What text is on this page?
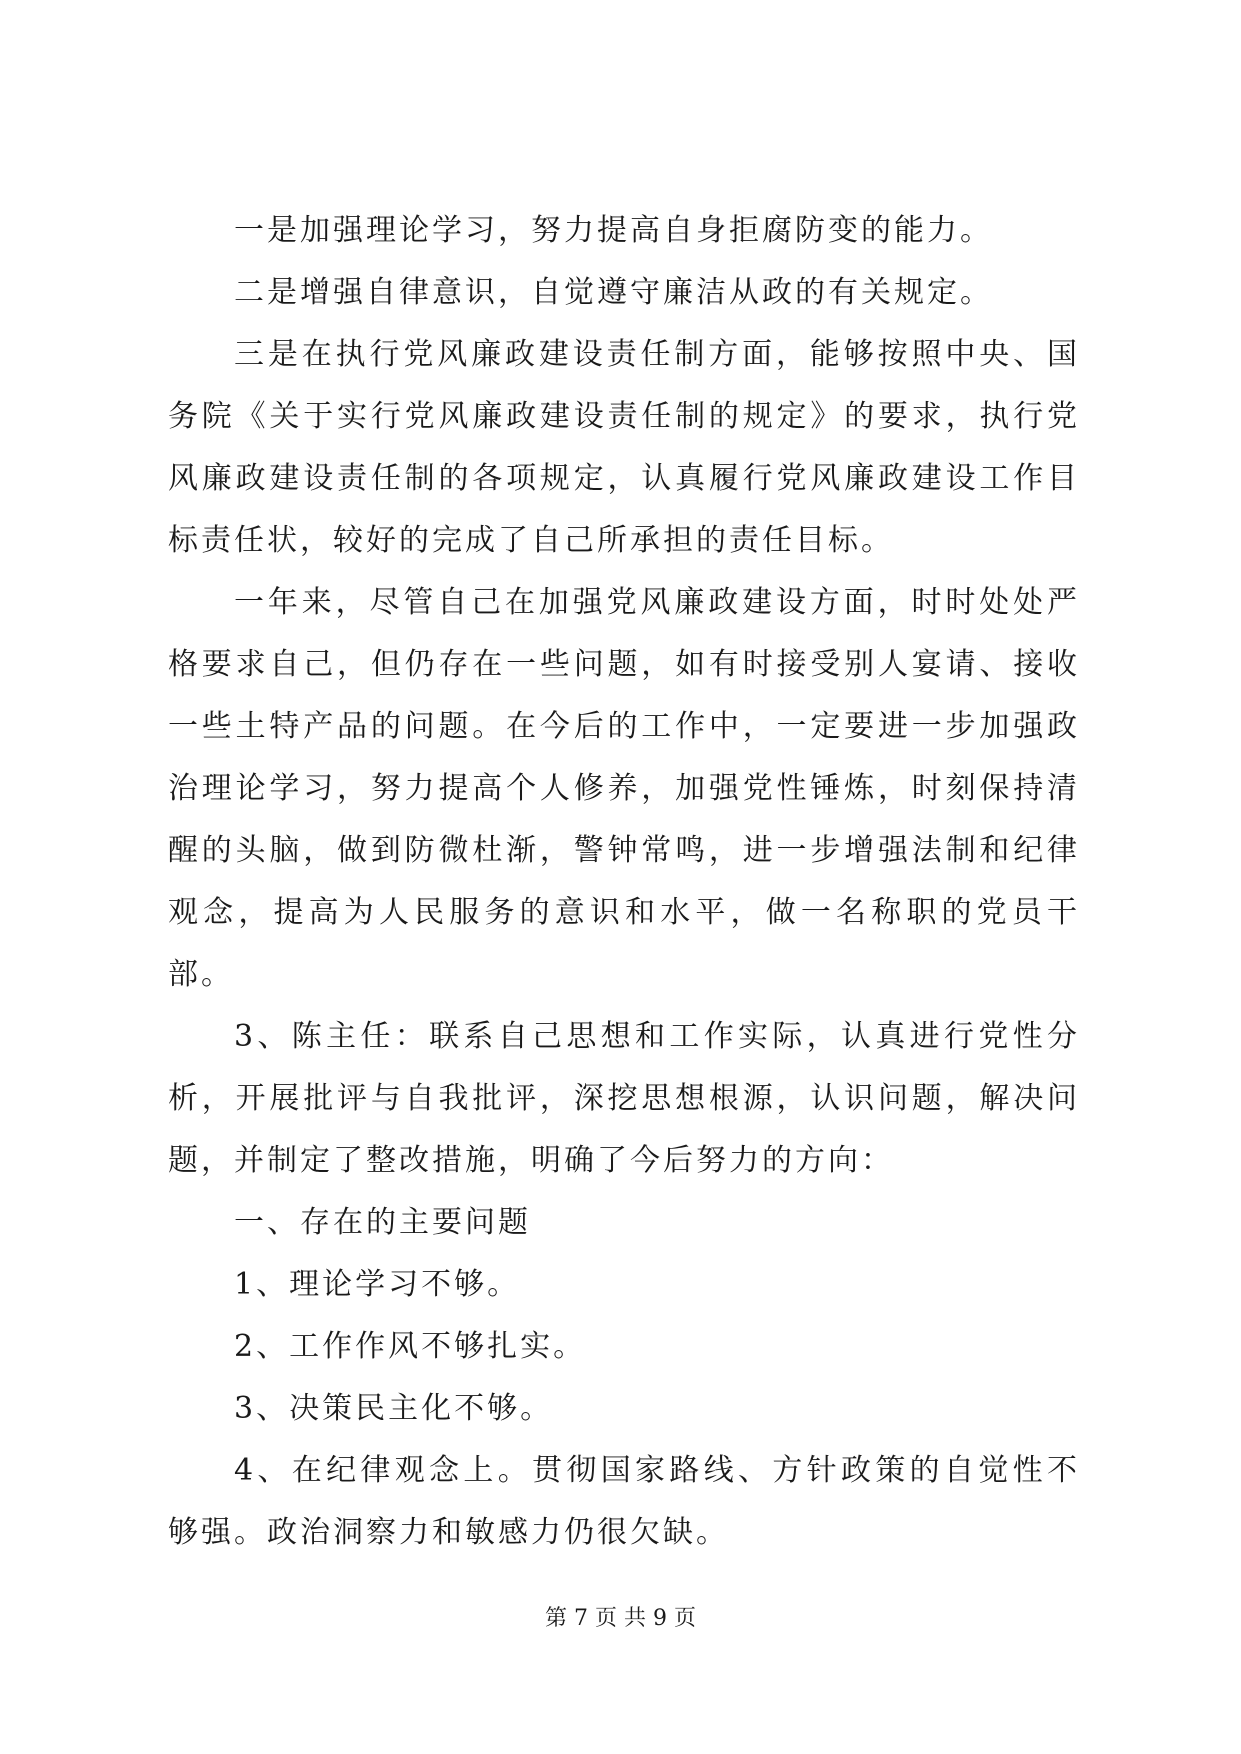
一是加强理论学习，努力提高自身拒腐防变的能力。

二是增强自律意识，自觉遵守廉洁从政的有关规定。

三是在执行党风廉政建设责任制方面，能够按照中央、国务院《关于实行党风廉政建设责任制的规定》的要求，执行党风廉政建设责任制的各项规定，认真履行党风廉政建设工作目标责任状，较好的完成了自己所承担的责任目标。

一年来，尽管自己在加强党风廉政建设方面，时时处处严格要求自己，但仍存在一些问题，如有时接受别人宴请、接收一些土特产品的问题。在今后的工作中，一定要进一步加强政治理论学习，努力提高个人修养，加强党性锤炼，时刻保持清醒的头脑，做到防微杜渐，警钟常鸣，进一步增强法制和纪律观念，提高为人民服务的意识和水平，做一名称职的党员干部。

3、陈主任：联系自己思想和工作实际，认真进行党性分析，开展批评与自我批评，深挖思想根源，认识问题，解决问题，并制定了整改措施，明确了今后努力的方向：

一、存在的主要问题

1、理论学习不够。

2、工作作风不够扎实。

3、决策民主化不够。

4、在纪律观念上。贯彻国家路线、方针政策的自觉性不够强。政治洞察力和敏感力仍很欠缺。

第 7 页 共 9 页
